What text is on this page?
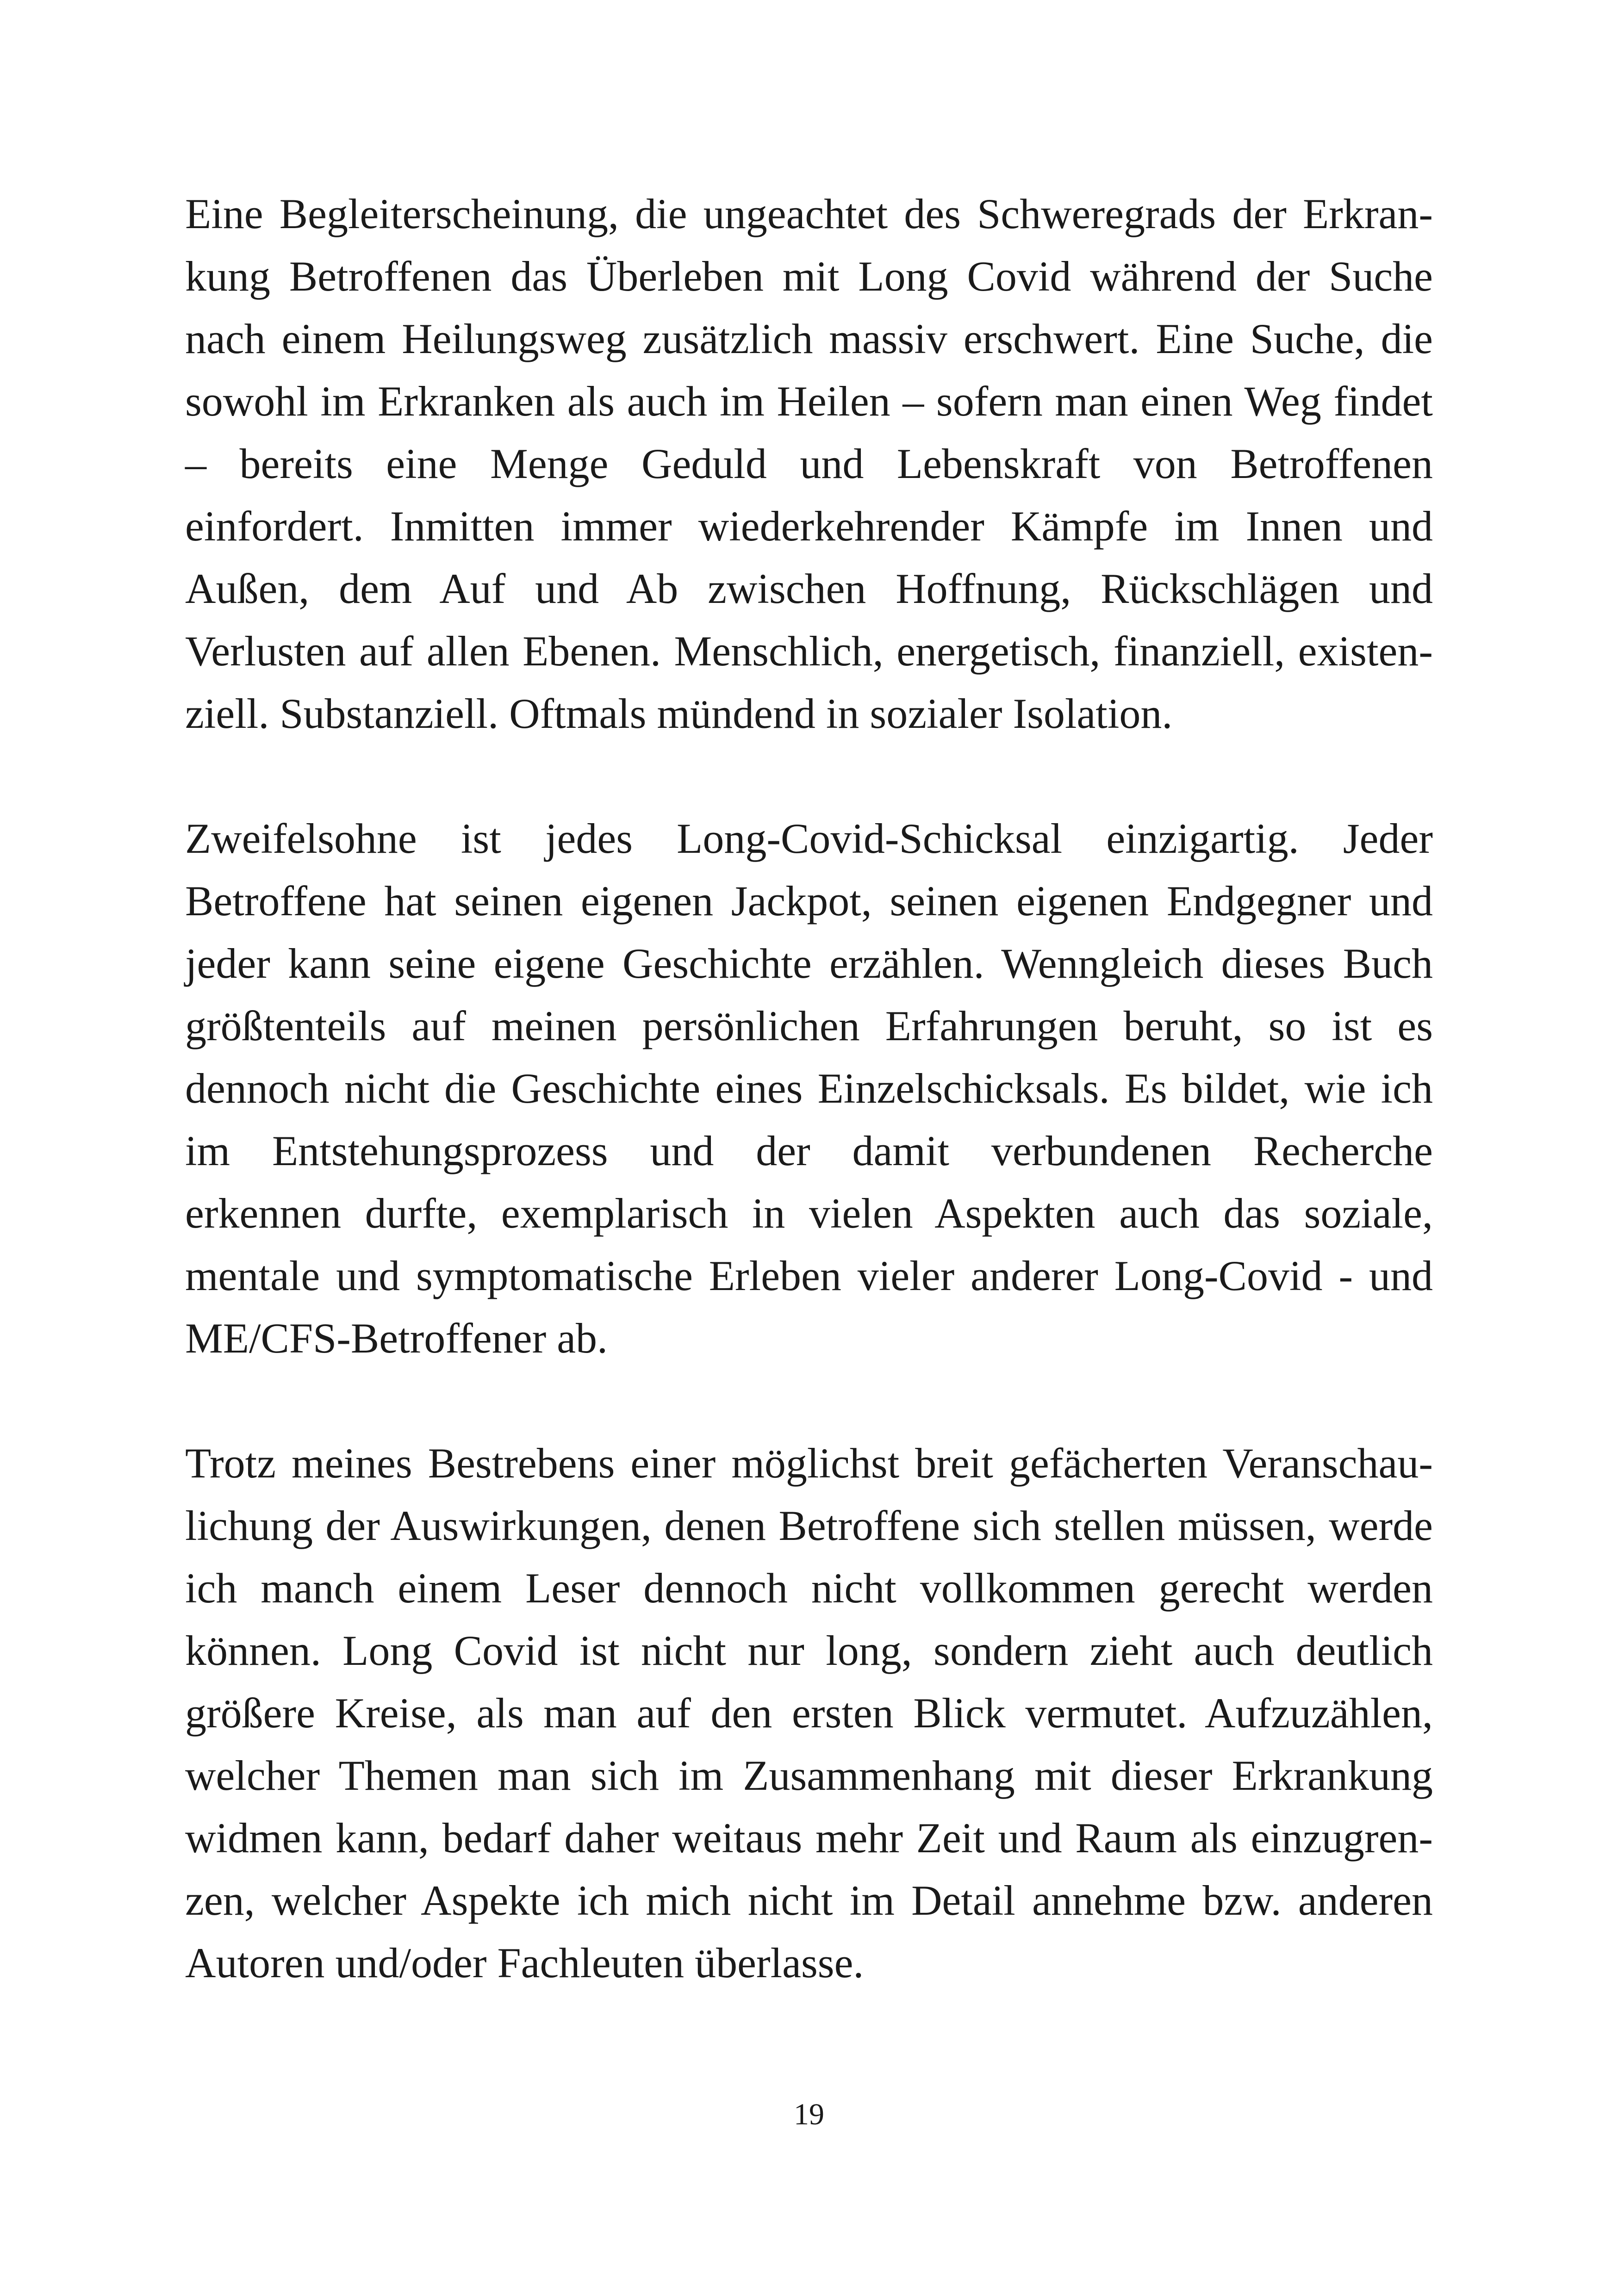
Eine Begleiterscheinung, die ungeachtet des Schweregrads der Erkran-
kung Betroffenen das Überleben mit Long Covid während der Suche
nach einem Heilungsweg zusätzlich massiv erschwert. Eine Suche, die
sowohl im Erkranken als auch im Heilen – sofern man einen Weg findet
– bereits eine Menge Geduld und Lebenskraft von Betroffenen
einfordert. Inmitten immer wiederkehrender Kämpfe im Innen und
Außen, dem Auf und Ab zwischen Hoffnung, Rückschlägen und
Verlusten auf allen Ebenen. Menschlich, energetisch, finanziell, existen-
ziell. Substanziell. Oftmals mündend in sozialer Isolation.
Zweifelsohne ist jedes Long-Covid-Schicksal einzigartig. Jeder
Betroffene hat seinen eigenen Jackpot, seinen eigenen Endgegner und
jeder kann seine eigene Geschichte erzählen. Wenngleich dieses Buch
größtenteils auf meinen persönlichen Erfahrungen beruht, so ist es
dennoch nicht die Geschichte eines Einzelschicksals. Es bildet, wie ich
im Entstehungsprozess und der damit verbundenen Recherche
erkennen durfte, exemplarisch in vielen Aspekten auch das soziale,
mentale und symptomatische Erleben vieler anderer Long-Covid - und
ME/CFS-Betroffener ab.
Trotz meines Bestrebens einer möglichst breit gefächerten Veranschau-
lichung der Auswirkungen, denen Betroffene sich stellen müssen, werde
ich manch einem Leser dennoch nicht vollkommen gerecht werden
können. Long Covid ist nicht nur long, sondern zieht auch deutlich
größere Kreise, als man auf den ersten Blick vermutet. Aufzuzählen,
welcher Themen man sich im Zusammenhang mit dieser Erkrankung
widmen kann, bedarf daher weitaus mehr Zeit und Raum als einzugren-
zen, welcher Aspekte ich mich nicht im Detail annehme bzw. anderen
Autoren und/oder Fachleuten überlasse.
19
